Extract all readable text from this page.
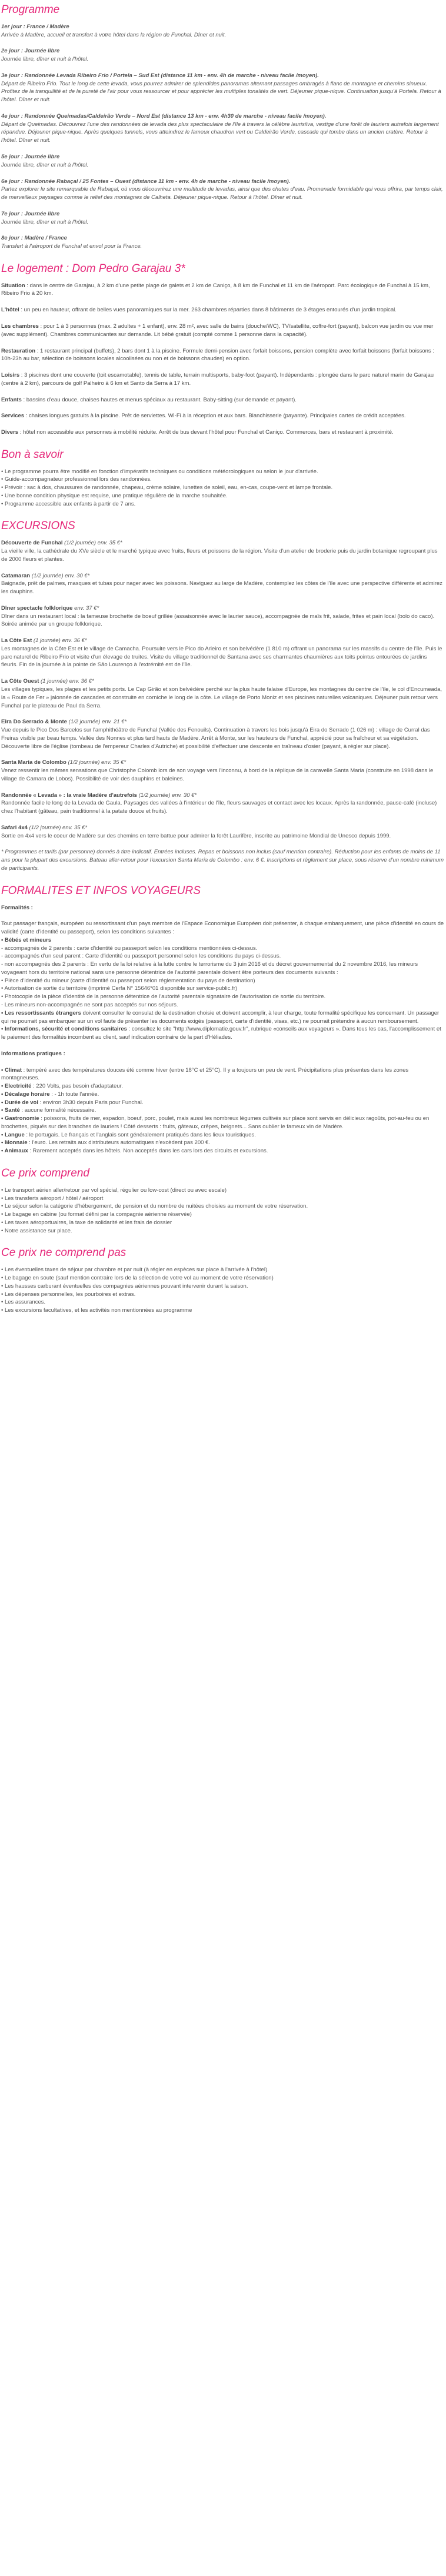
Programme
1er jour : France / Madère
Arrivée à Madère, accueil et transfert à votre hôtel dans la région de Funchal. Dîner et nuit.
2e jour : Journée libre
Journée libre, dîner et nuit à l'hôtel.
3e jour : Randonnée Levada Ribeiro Frio / Portela – Sud Est (distance 11 km - env. 4h de marche - niveau facile /moyen).
Départ de Ribeiro Frio. Tout le long de cette levada, vous pourrez admirer de splendides panoramas alternant passages ombragés à flanc de montagne et chemins sinueux. Profitez de la tranquillité et de la pureté de l'air pour vous ressourcer et pour apprécier les multiples tonalités de vert. Déjeuner pique-nique. Continuation jusqu'à Portela. Retour à l'hôtel. Dîner et nuit.
4e jour : Randonnée Queimadas/Caldeirão Verde – Nord Est (distance 13 km - env. 4h30 de marche - niveau facile /moyen).
Départ de Queimadas. Découvrez l'une des randonnées de levada des plus spectaculaire de l'île à travers la célèbre laurisilva, vestige d'une forêt de lauriers autrefois largement répandue. Déjeuner pique-nique. Après quelques tunnels, vous atteindrez le fameux chaudron vert ou Caldeirão Verde, cascade qui tombe dans un ancien cratère. Retour à l'hôtel. Dîner et nuit.
5e jour : Journée libre
Journée libre, dîner et nuit à l'hôtel.
6e jour : Randonnée Rabaçal / 25 Fontes – Ouest (distance 11 km - env. 4h de marche - niveau facile /moyen).
Partez explorer le site remarquable de Rabaçal, où vous découvrirez une multitude de levadas, ainsi que des chutes d'eau. Promenade formidable qui vous offrira, par temps clair, de merveilleux paysages comme le relief des montagnes de Calheta. Déjeuner pique-nique. Retour à l'hôtel. Dîner et nuit.
7e jour : Journée libre
Journée libre, dîner et nuit à l'hôtel.
8e jour : Madère / France
Transfert à l'aéroport de Funchal et envol pour la France.
Le logement : Dom Pedro Garajau 3*

Situation : dans le centre de Garajau, à 2 km d'une petite plage de galets et 2 km de Caniço, à 8 km de Funchal et 11 km de l'aéroport. Parc écologique de Funchal à 15 km, Ribeiro Frio à 20 km.

L'hôtel : un peu en hauteur, offrant de belles vues panoramiques sur la mer. 263 chambres réparties dans 8 bâtiments de 3 étages entourés d'un jardin tropical.

Les chambres : pour 1 à 3 personnes (max. 2 adultes + 1 enfant), env. 28 m², avec salle de bains (douche/WC), TV/satellite, coffre-fort (payant), balcon vue jardin ou vue mer (avec supplément). Chambres communicantes sur demande. Lit bébé gratuit (compté comme 1 personne dans la capacité).

Restauration : 1 restaurant principal (buffets), 2 bars dont 1 à la piscine. Formule demi-pension avec forfait boissons, pension complète avec forfait boissons (forfait boissons : 10h-23h au bar, sélection de boissons locales alcoolisées ou non et de boissons chaudes) en option.

Loisirs : 3 piscines dont une couverte (toit escamotable), tennis de table, terrain multisports, baby-foot (payant). Indépendants : plongée dans le parc naturel marin de Garajau (centre à 2 km), parcours de golf Palheiro à 6 km et Santo da Serra à 17 km.

Enfants : bassins d'eau douce, chaises hautes et menus spéciaux au restaurant. Baby-sitting (sur demande et payant).

Services : chaises longues gratuits à la piscine. Prêt de serviettes. Wi-Fi à la réception et aux bars. Blanchisserie (payante). Principales cartes de crédit acceptées.

Divers : hôtel non accessible aux personnes à mobilité réduite. Arrêt de bus devant l'hôtel pour Funchal et Caniço. Commerces, bars et restaurant à proximité.

Bon à savoir
• Le programme pourra être modifié en fonction d'impératifs techniques ou conditions météorologiques ou selon le jour d'arrivée.
• Guide-accompagnateur professionnel lors des randonnées.
• Prévoir : sac à dos, chaussures de randonnée, chapeau, crème solaire, lunettes de soleil, eau, en-cas, coupe-vent et lampe frontale.
• Une bonne condition physique est requise, une pratique régulière de la marche souhaitée.
• Programme accessible aux enfants à partir de 7 ans.
EXCURSIONS
Découverte de Funchal (1/2 journée) env. 35 €*
La vieille ville, la cathédrale du XVe siècle et le marché typique avec fruits, fleurs et poissons de la région. Visite d'un atelier de broderie puis du jardin botanique regroupant plus de 2000 fleurs et plantes.
Catamaran (1/2 journée) env. 30 €*
Baignade, prêt de palmes, masques et tubas pour nager avec les poissons. Naviguez au large de Madère, contemplez les côtes de l'île avec une perspective différente et admirez les dauphins.
Dîner spectacle folklorique env. 37 €*
Dîner dans un restaurant local : la fameuse brochette de boeuf grillée (assaisonnée avec le laurier sauce), accompagnée de maïs frit, salade, frites et pain local (bolo do caco). Soirée animée par un groupe folklorique.
La Côte Est (1 journée) env. 36 €*
Les montagnes de la Côte Est et le village de Camacha. Poursuite vers le Pico do Arieiro et son belvédère (1 810 m) offrant un panorama sur les massifs du centre de l'île. Puis le parc naturel de Ribeiro Frio et visite d'un élevage de truites. Visite du village traditionnel de Santana avec ses charmantes chaumières aux toits pointus entourées de jardins fleuris. Fin de la journée à la pointe de São Lourenço à l'extrémité est de l'île.
La Côte Ouest (1 journée) env. 36 €*
Les villages typiques, les plages et les petits ports. Le Cap Girão et son belvédère perché sur la plus haute falaise d'Europe, les montagnes du centre de l'île, le col d'Encumeada, la « Route de Fer » jalonnée de cascades et construite en corniche le long de la côte. Le village de Porto Moniz et ses piscines naturelles volcaniques. Déjeuner puis retour vers Funchal par le plateau de Paul da Serra.
Eira Do Serrado & Monte (1/2 journée) env. 21 €*
Vue depuis le Pico Dos Barcelos sur l'amphithéâtre de Funchal (Vallée des Fenouils). Continuation à travers les bois jusqu'à Eira do Serrado (1 026 m) : village de Curral das Freiras visible par beau temps. Vallée des Nonnes et plus tard hauts de Madère. Arrêt à Monte, sur les hauteurs de Funchal, apprécié pour sa fraîcheur et sa végétation. Découverte libre de l'église (tombeau de l'empereur Charles d'Autriche) et possibilité d'effectuer une descente en traîneau d'osier (payant, à régler sur place).
Santa Maria de Colombo (1/2 journée) env. 35 €*
Venez ressentir les mêmes sensations que Christophe Colomb lors de son voyage vers l'inconnu, à bord de la réplique de la caravelle Santa Maria (construite en 1998 dans le village de Camara de Lobos). Possibilité de voir des dauphins et baleines.
Randonnée « Levada » : la vraie Madère d'autrefois (1/2 journée) env. 30 €*
Randonnée facile le long de la Levada de Gaula. Paysages des vallées à l'intérieur de l'île, fleurs sauvages et contact avec les locaux. Après la randonnée, pause-café (incluse) chez l'habitant (gâteau, pain traditionnel à la patate douce et fruits).
Safari 4x4 (1/2 journée) env. 35 €*
Sortie en 4x4 vers le coeur de Madère sur des chemins en terre battue pour admirer la forêt Laurifère, inscrite au patrimoine Mondial de Unesco depuis 1999.

* Programmes et tarifs (par personne) donnés à titre indicatif. Entrées incluses. Repas et boissons non inclus (sauf mention contraire). Réduction pour les enfants de moins de 11 ans pour la plupart des excursions. Bateau aller-retour pour l'excursion Santa Maria de Colombo : env. 6 €. Inscriptions et règlement sur place, sous réserve d'un nombre minimum de participants.

FORMALITES ET INFOS VOYAGEURS

Formalités :

Tout passager français, européen ou ressortissant d'un pays membre de l'Espace Economique Européen doit présenter, à chaque embarquement, une pièce d'identité en cours de validité (carte d'identité ou passeport), selon les conditions suivantes :

• Bébés et mineurs
- accompagnés de 2 parents : carte d'identité ou passeport selon les conditions mentionnées ci-dessus.
- accompagnés d'un seul parent : Carte d'identité ou passeport personnel selon les conditions du pays ci-dessus.
- non accompagnés des 2 parents : En vertu de la loi relative à la lutte contre le terrorisme du 3 juin 2016 et du décret gouvernemental du 2 novembre 2016, les mineurs voyageant hors du territoire national sans une personne détentrice de l'autorité parentale doivent être porteurs des documents suivants :
• Pièce d'identité du mineur (carte d'identité ou passeport selon réglementation du pays de destination)
• Autorisation de sortie du territoire (imprimé Cerfa N° 15646*01 disponible sur service-public.fr)
• Photocopie de la pièce d'identité de la personne détentrice de l'autorité parentale signataire de l'autorisation de sortie du territoire.
- Les mineurs non-accompagnés ne sont pas acceptés sur nos séjours.
• Les ressortissants étrangers doivent consulter le consulat de la destination choisie et doivent accomplir, à leur charge, toute formalité spécifique les concernant. Un passager qui ne pourrait pas embarquer sur un vol faute de présenter les documents exigés (passeport, carte d'identité, visas, etc.) ne pourrait prétendre à aucun remboursement.
• Informations, sécurité et conditions sanitaires : consultez le site "http://www.diplomatie.gouv.fr", rubrique «conseils aux voyageurs ». Dans tous les cas, l'accomplissement et le paiement des formalités incombent au client, sauf indication contraire de la part d'Héliades.

Informations pratiques :

• Climat : tempéré avec des températures douces été comme hiver (entre 18°C et 25°C). Il y a toujours un peu de vent. Précipitations plus présentes dans les zones montagneuses.
• Electricité : 220 Volts, pas besoin d'adaptateur.
• Décalage horaire : - 1h toute l'année.
• Durée de vol : environ 3h30 depuis Paris pour Funchal.
• Santé : aucune formalité nécessaire.
• Gastronomie : poissons, fruits de mer, espadon, boeuf, porc, poulet, mais aussi les nombreux légumes cultivés sur place sont servis en délicieux ragoûts, pot-au-feu ou en brochettes, piqués sur des branches de lauriers ! Côté desserts : fruits, gâteaux, crêpes, beignets... Sans oublier le fameux vin de Madère.
• Langue : le portugais. Le français et l'anglais sont généralement pratiqués dans les lieux touristiques.
• Monnaie : l'euro. Les retraits aux distributeurs automatiques n'excèdent pas 200 €.
• Animaux : Rarement acceptés dans les hôtels. Non acceptés dans les cars lors des circuits et excursions.
Ce prix comprend
• Le transport aérien aller/retour par vol spécial, régulier ou low-cost (direct ou avec escale)
• Les transferts aéroport / hôtel / aéroport
• Le séjour selon la catégorie d'hébergement, de pension et du nombre de nuitées choisies au moment de votre réservation.
• Le bagage en cabine (ou format défini par la compagnie aérienne réservée)
• Les taxes aéroportuaires, la taxe de solidarité et les frais de dossier
• Notre assistance sur place.
Ce prix ne comprend pas
• Les éventuelles taxes de séjour par chambre et par nuit (à régler en espèces sur place à l'arrivée à l'hôtel).
• Le bagage en soute (sauf mention contraire lors de la sélection de votre vol au moment de votre réservation)
• Les hausses carburant éventuelles des compagnies aériennes pouvant intervenir durant la saison.
• Les dépenses personnelles, les pourboires et extras.
• Les assurances.
• Les excursions facultatives, et les activités non mentionnées au programme
